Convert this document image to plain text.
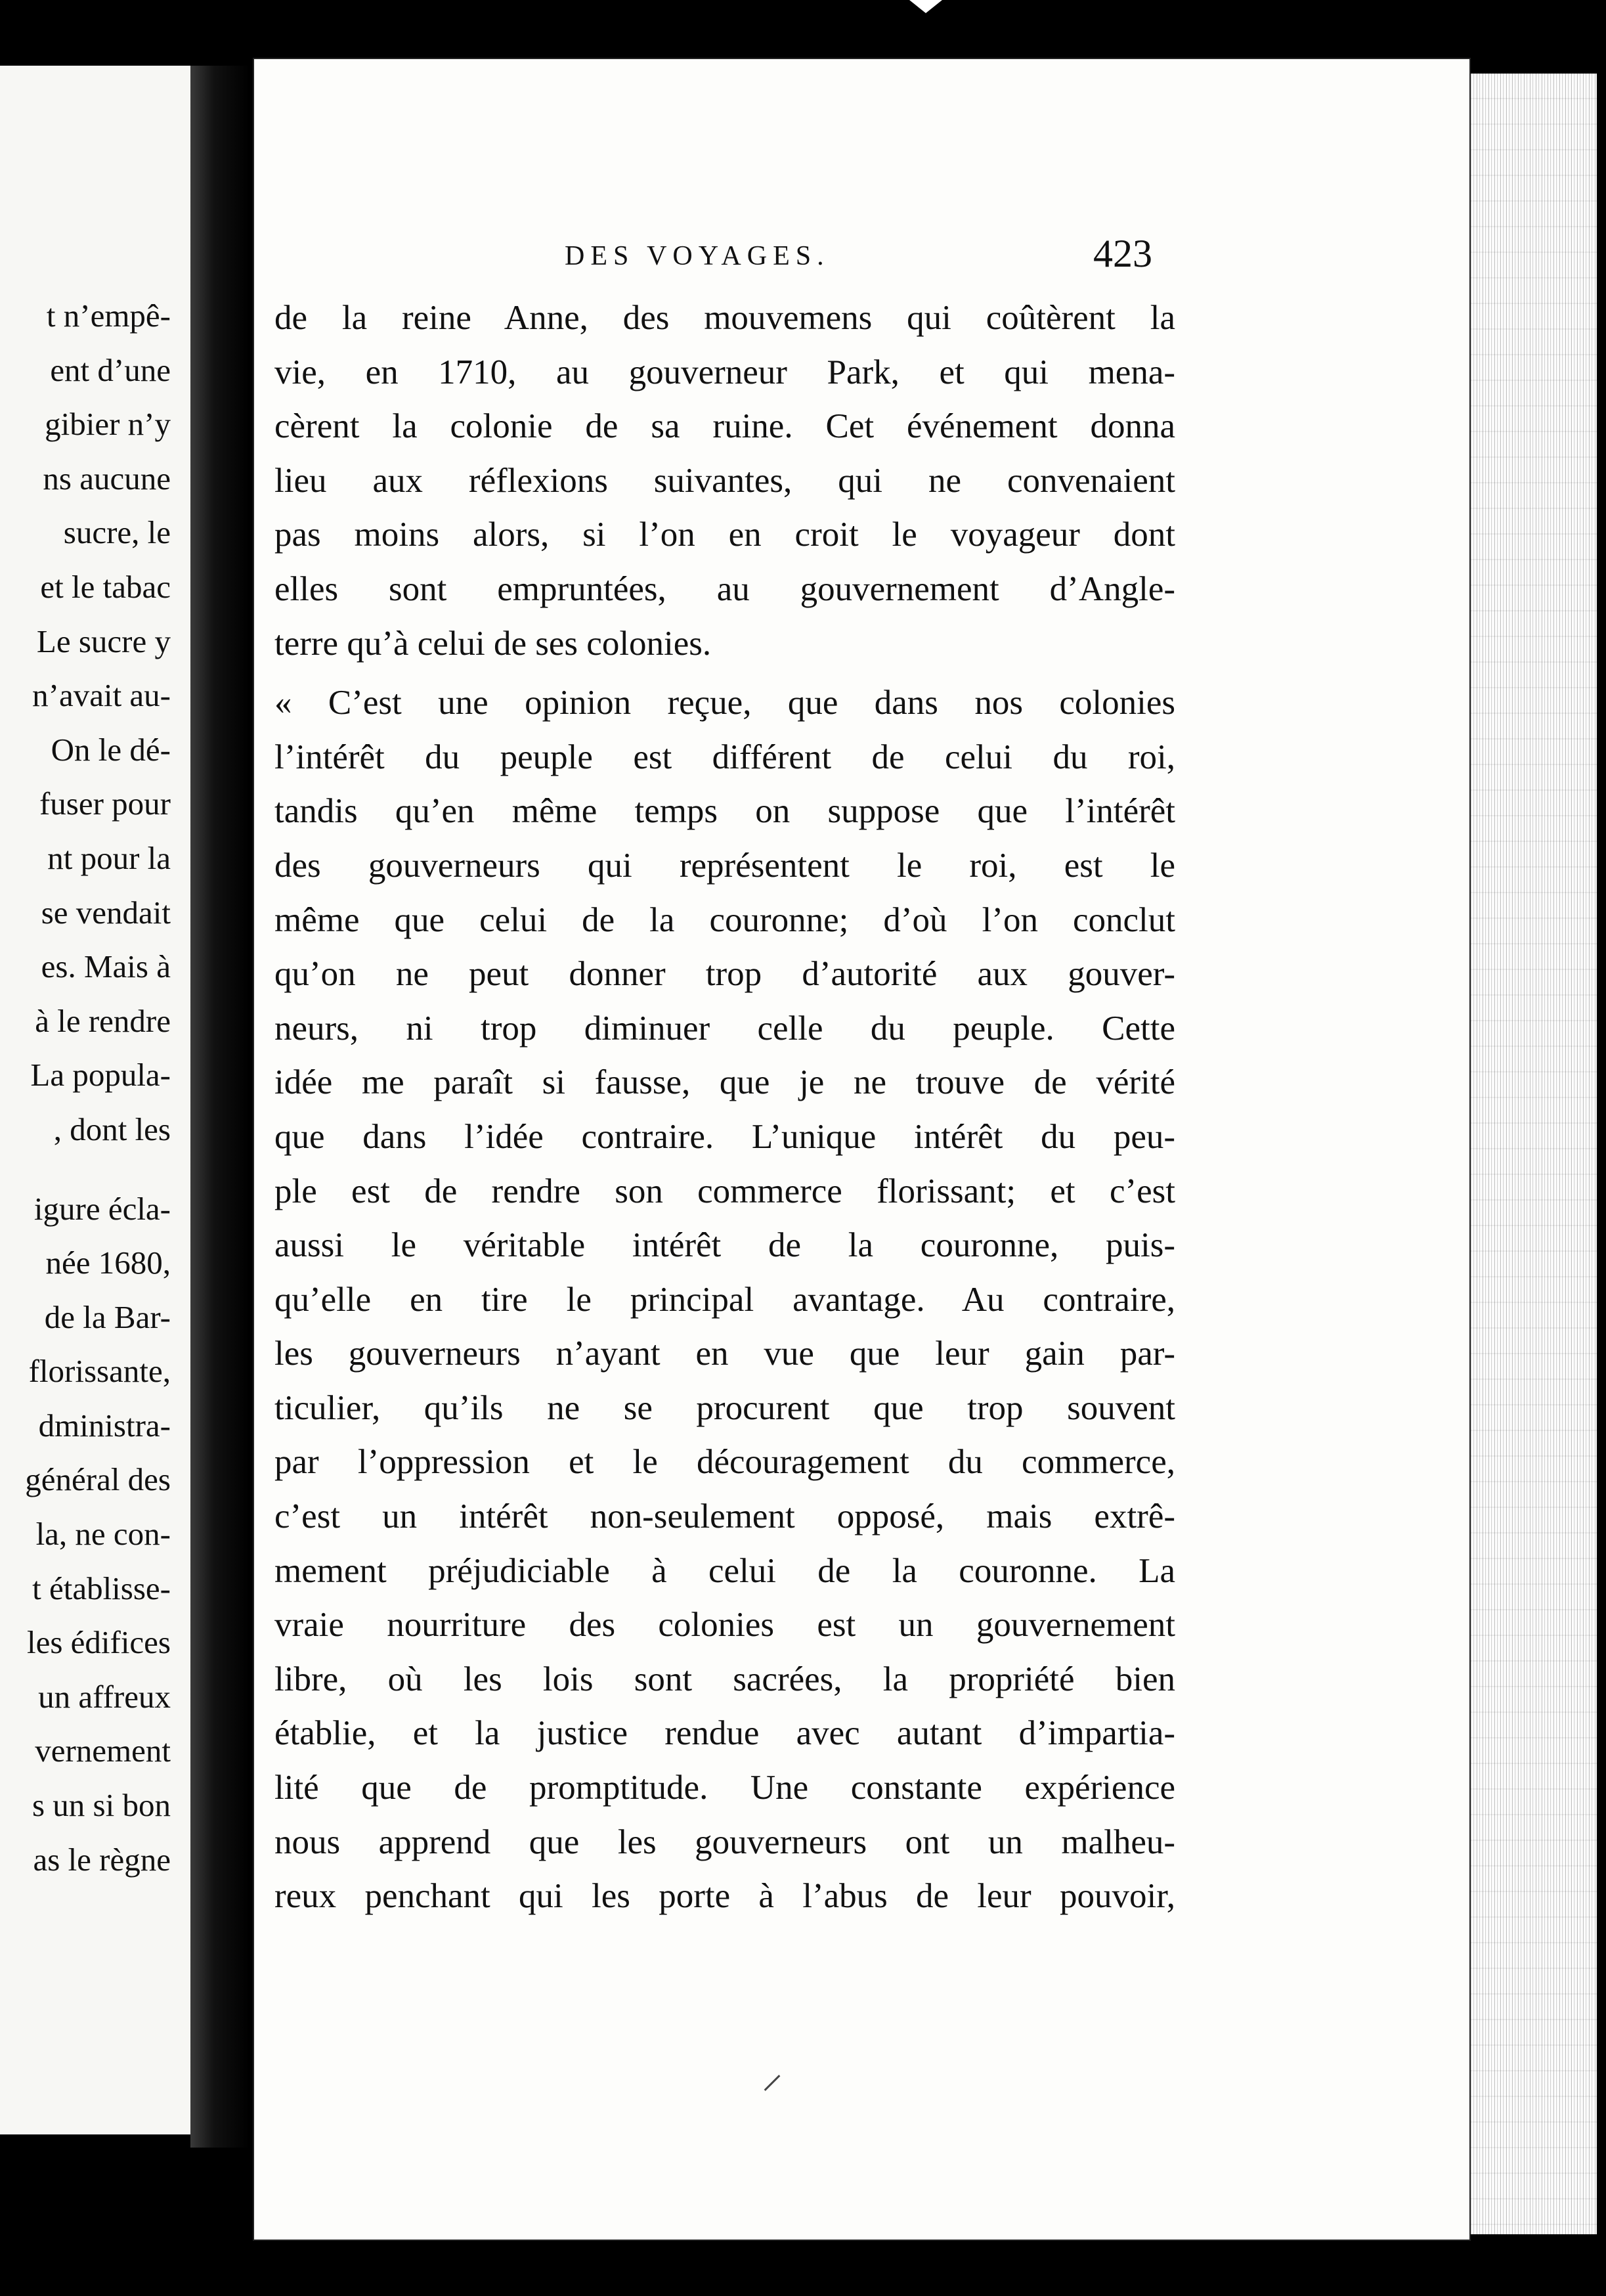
t n’empê-
ent d’une
gibier n’y
ns aucune
sucre, le
et le tabac
Le sucre y
n’avait au-
On le dé-
fuser pour
nt pour la
se vendait
es. Mais à
à le rendre
La popula-
, dont les
igure écla-
née 1680,
de la Bar-
florissante,
dministra-
général des
la, ne con-
t établisse-
les édifices
un affreux
vernement
s un si bon
as le règne
DES VOYAGES.	423
de la reine Anne, des mouvemens qui coûtèrent la
vie, en 1710, au gouverneur Park, et qui mena-
cèrent la colonie de sa ruine. Cet événement donna
lieu aux réflexions suivantes, qui ne convenaient
pas moins alors, si l’on en croit le voyageur dont
elles sont empruntées, au gouvernement d’Angle-
terre qu’à celui de ses colonies.
« C’est une opinion reçue, que dans nos colonies
l’intérêt du peuple est différent de celui du roi,
tandis qu’en même temps on suppose que l’intérêt
des gouverneurs qui représentent le roi, est le
même que celui de la couronne; d’où l’on conclut
qu’on ne peut donner trop d’autorité aux gouver-
neurs, ni trop diminuer celle du peuple. Cette
idée me paraît si fausse, que je ne trouve de vérité
que dans l’idée contraire. L’unique intérêt du peu-
ple est de rendre son commerce florissant; et c’est
aussi le véritable intérêt de la couronne, puis-
qu’elle en tire le principal avantage. Au contraire,
les gouverneurs n’ayant en vue que leur gain par-
ticulier, qu’ils ne se procurent que trop souvent
par l’oppression et le découragement du commerce,
c’est un intérêt non-seulement opposé, mais extrê-
mement préjudiciable à celui de la couronne. La
vraie nourriture des colonies est un gouvernement
libre, où les lois sont sacrées, la propriété bien
établie, et la justice rendue avec autant d’impartia-
lité que de promptitude. Une constante expérience
nous apprend que les gouverneurs ont un malheu-
reux penchant qui les porte à l’abus de leur pouvoir,
